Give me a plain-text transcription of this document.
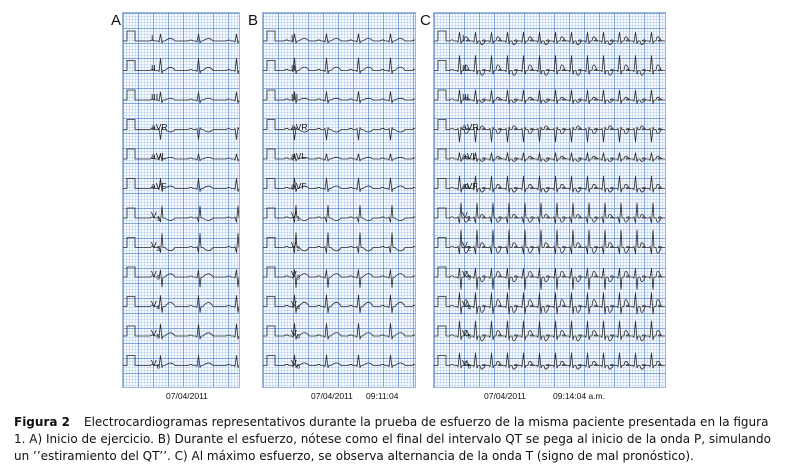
A	B	C
I
II
III
aVR
aVL
aVF
$V_1$
$V_2$
$V_3$
$V_4$
$V_5$
$V_6$
I
II
III
aVR
aVL
aVF
$V_1$
$V_2$
$V_3$
$V_4$
$V_5$
$V_6$
I
II
III
aVR
aVL
aVF
$V_1$
$V_2$
$V_3$
$V_4$
$V_5$
$V_6$
07/04/2011	07/04/2011 09:11:04	07/04/2011	09:14:04 a.m.
Figura 2 Electrocardiogramas representativos durante la prueba de esfuerzo de la misma paciente presentada en la figura 1. A) Inicio de ejercicio. B) Durante el esfuerzo, nótese como el final del intervalo QT se pega al inicio de la onda P, simulando un ’’estiramiento del QT’’. C) Al máximo esfuerzo, se observa alternancia de la onda T (signo de mal pronóstico).
